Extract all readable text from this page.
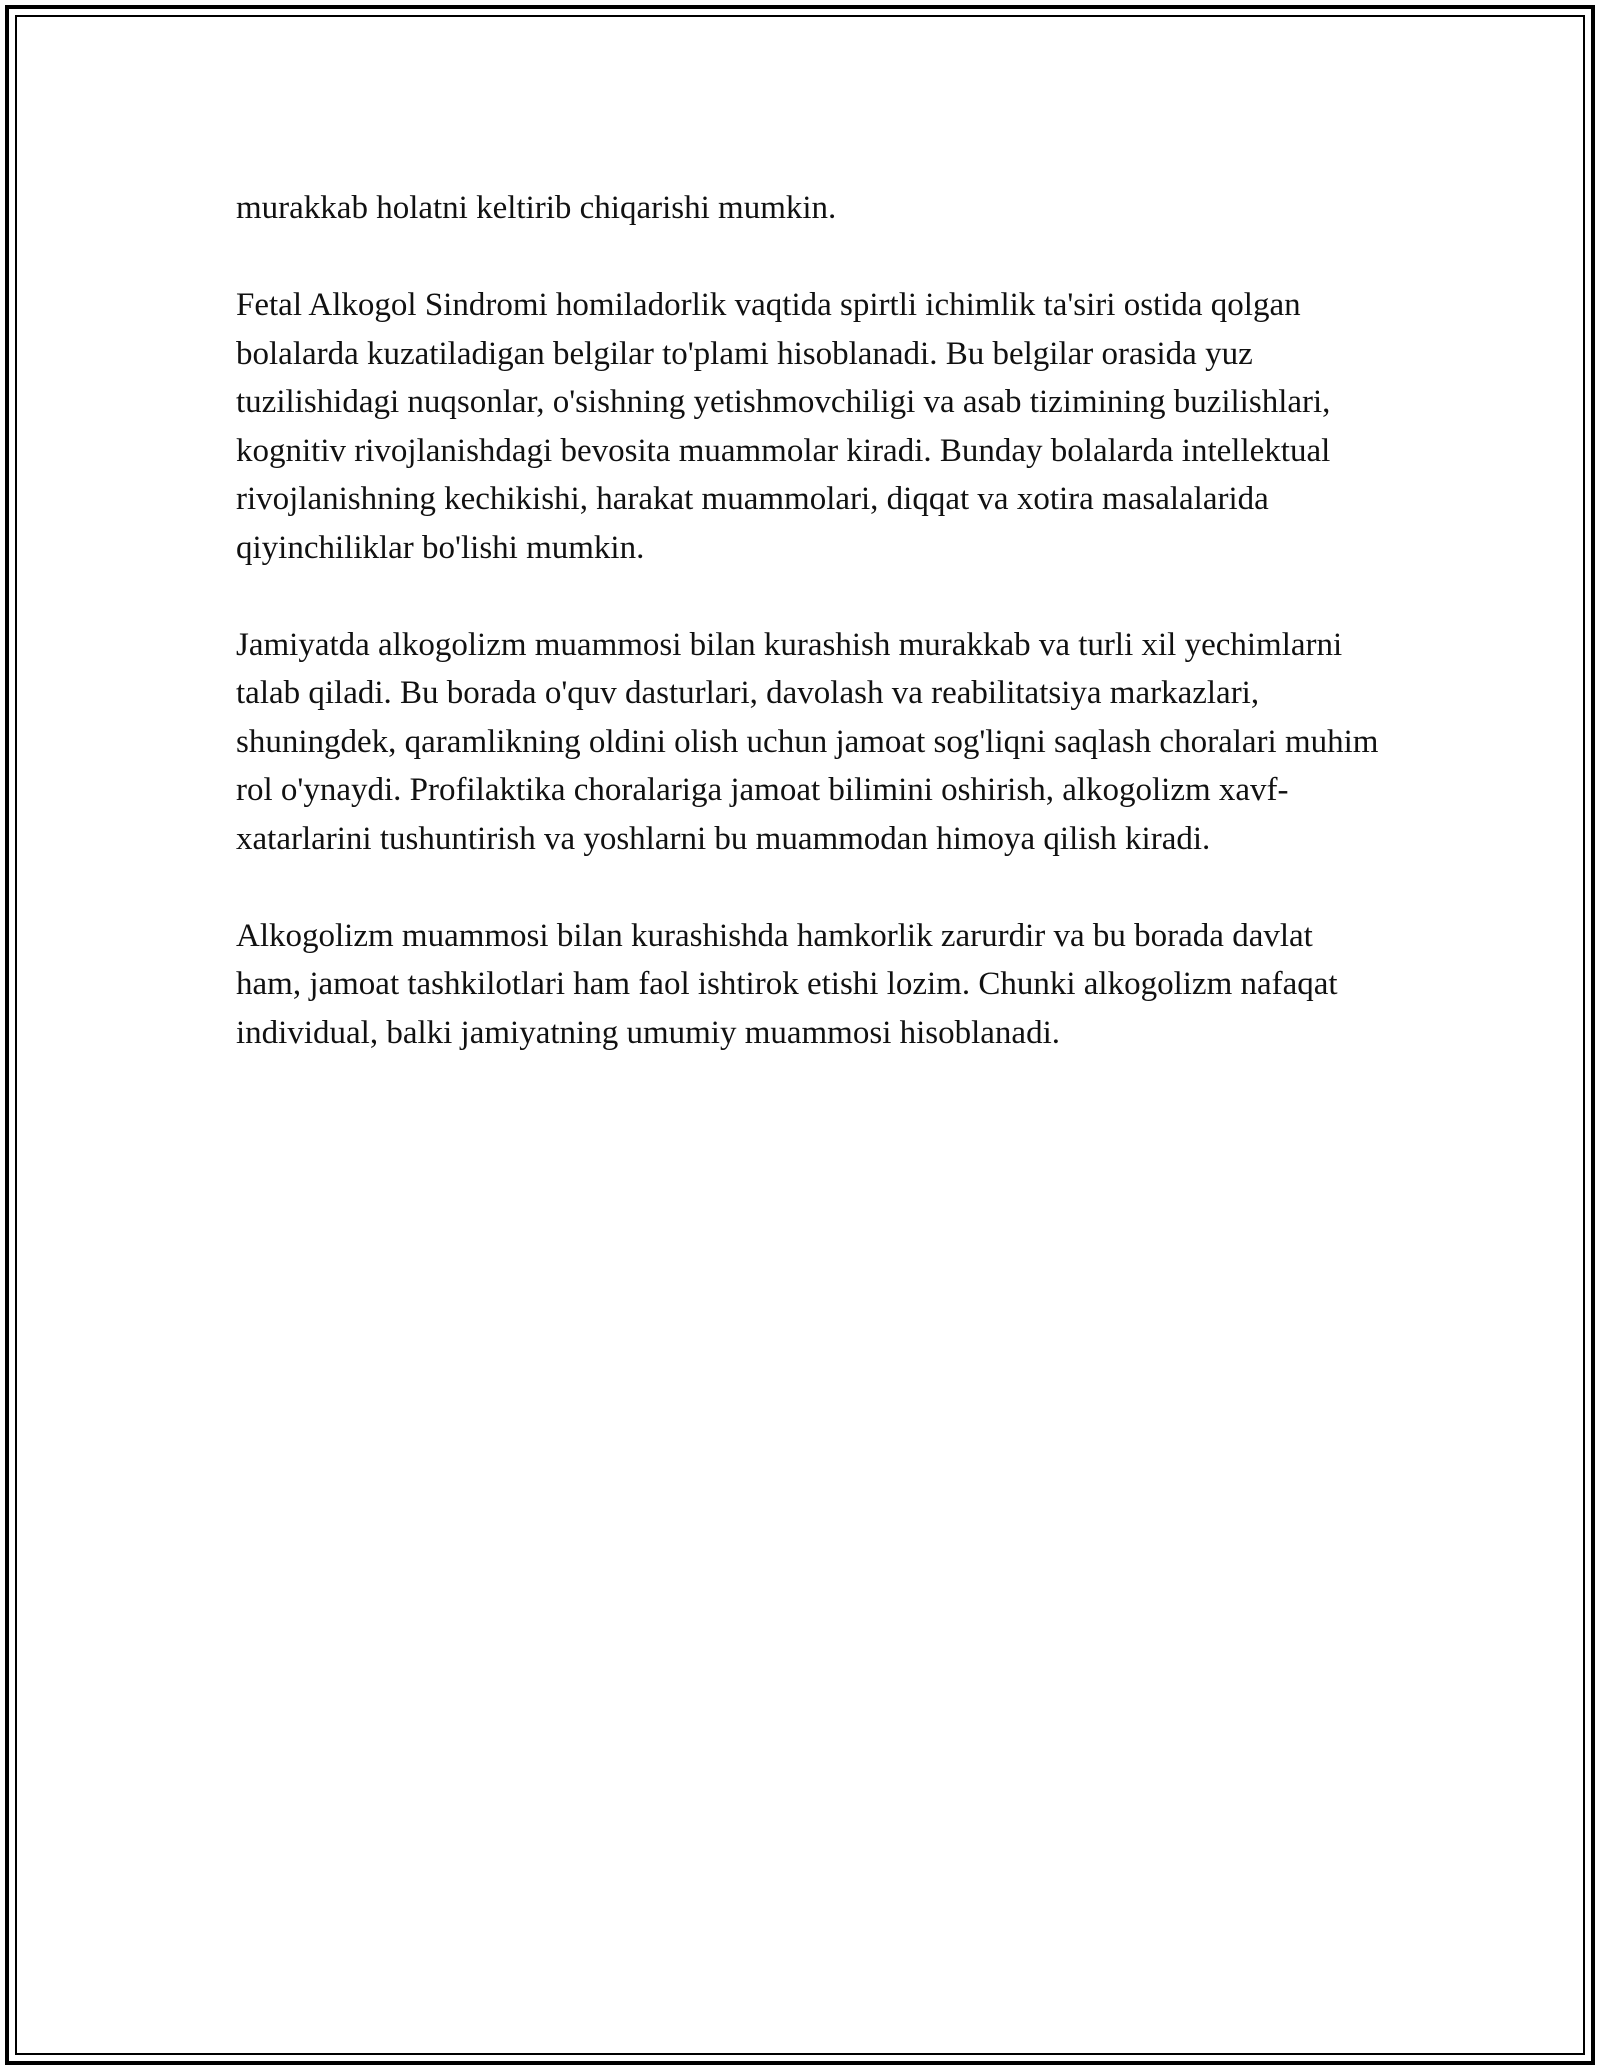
murakkab holatni keltirib chiqarishi mumkin.

Fetal Alkogol Sindromi homiladorlik vaqtida spirtli ichimlik ta'siri ostida qolgan bolalarda kuzatiladigan belgilar to'plami hisoblanadi. Bu belgilar orasida yuz tuzilishidagi nuqsonlar, o'sishning yetishmovchiligi va asab tizimining buzilishlari, kognitiv rivojlanishdagi bevosita muammolar kiradi. Bunday bolalarda intellektual rivojlanishning kechikishi, harakat muammolari, diqqat va xotira masalalarida qiyinchiliklar bo'lishi mumkin.

Jamiyatda alkogolizm muammosi bilan kurashish murakkab va turli xil yechimlarni talab qiladi. Bu borada o'quv dasturlari, davolash va reabilitatsiya markazlari, shuningdek, qaramlikning oldini olish uchun jamoat sog'liqni saqlash choralari muhim rol o'ynaydi. Profilaktika choralariga jamoat bilimini oshirish, alkogolizm xavf-xatarlarini tushuntirish va yoshlarni bu muammodan himoya qilish kiradi.

Alkogolizm muammosi bilan kurashishda hamkorlik zarurdir va bu borada davlat ham, jamoat tashkilotlari ham faol ishtirok etishi lozim. Chunki alkogolizm nafaqat individual, balki jamiyatning umumiy muammosi hisoblanadi.
